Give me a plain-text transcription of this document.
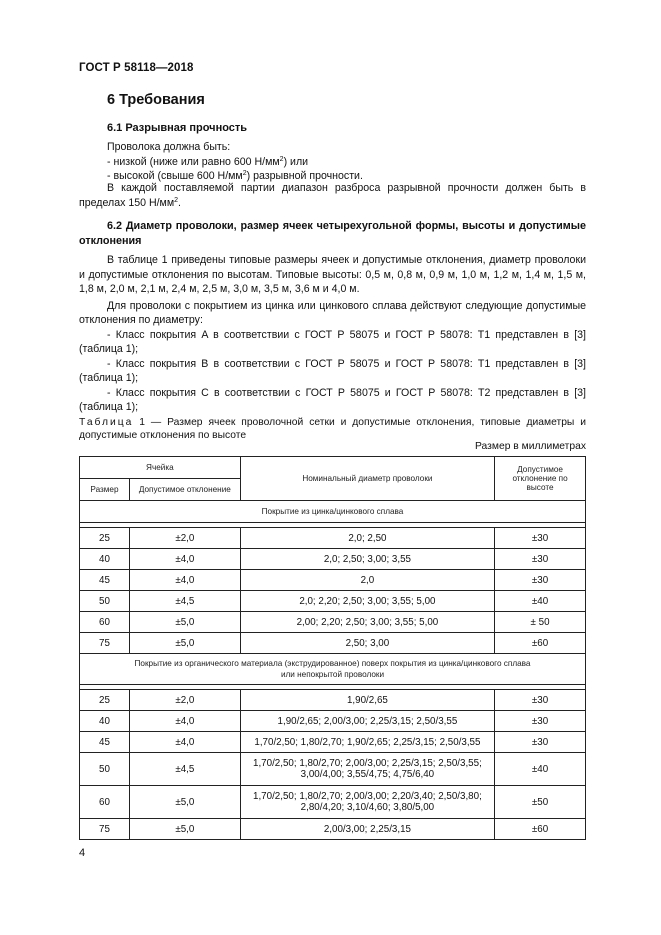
ГОСТ Р 58118—2018
6 Требования
6.1 Разрывная прочность

Проволока должна быть:

- низкой (ниже или равно 600 $Н/мм^2$) или

- высокой (свыше 600 $Н/мм^2$) разрывной прочности.

В каждой поставляемой партии диапазон разброса разрывной прочности должен быть в пределах 150 $Н/мм^2$.

6.2 Диаметр проволоки, размер ячеек четырехугольной формы, высоты и допустимые отклонения

В таблице 1 приведены типовые размеры ячеек и допустимые отклонения, диаметр проволоки и допустимые отклонения по высотам. Типовые высоты: 0,5 м, 0,8 м, 0,9 м, 1,0 м, 1,2 м, 1,4 м, 1,5 м, 1,8 м, 2,0 м, 2,1 м, 2,4 м, 2,5 м, 3,0 м, 3,5 м, 3,6 м и 4,0 м.

Для проволоки с покрытием из цинка или цинкового сплава действуют следующие допустимые отклонения по диаметру:

- Класс покрытия A в соответствии с ГОСТ Р 58075 и ГОСТ Р 58078: T1 представлен в [3] (таблица 1);

- Класс покрытия B в соответствии с ГОСТ Р 58075 и ГОСТ Р 58078: T1 представлен в [3] (таблица 1);

- Класс покрытия C в соответствии с ГОСТ Р 58075 и ГОСТ Р 58078: T2 представлен в [3] (таблица 1);

Таблица 1 — Размер ячеек проволочной сетки и допустимые отклонения, типовые диаметры и допустимые отклонения по высоте
Размер в миллиметрах
Ячейка		Номинальный диаметр проволоки	Допустимое отклонение по высоте
Размер	Допустимое отклонение		
Покрытие из цинка/цинкового сплава			

25	±2,0	2,0; 2,50	±30
40	±4,0	2,0; 2,50; 3,00; 3,55	±30
45	±4,0	2,0	±30
50	±4,5	2,0; 2,20; 2,50; 3,00; 3,55; 5,00	±40
60	±5,0	2,00; 2,20; 2,50; 3,00; 3,55; 5,00	± 50
75	±5,0	2,50; 3,00	±60

Покрытие из органического материала (экструдированное) поверх покрытия из цинка/цинкового сплава
или непокрытой проволоки			

25	±2,0	1,90/2,65	±30
40	±4,0	1,90/2,65; 2,00/3,00; 2,25/3,15; 2,50/3,55	±30
45	±4,0	1,70/2,50; 1,80/2,70; 1,90/2,65; 2,25/3,15; 2,50/3,55	±30
50	±4,5	1,70/2,50; 1,80/2,70; 2,00/3,00; 2,25/3,15; 2,50/3,55;
3,00/4,00; 3,55/4,75; 4,75/6,40	±40
60	±5,0	1,70/2,50; 1,80/2,70; 2,00/3,00; 2,20/3,40; 2,50/3,80;
2,80/4,20; 3,10/4,60; 3,80/5,00	±50
75	±5,0	2,00/3,00; 2,25/3,15	±60
4
